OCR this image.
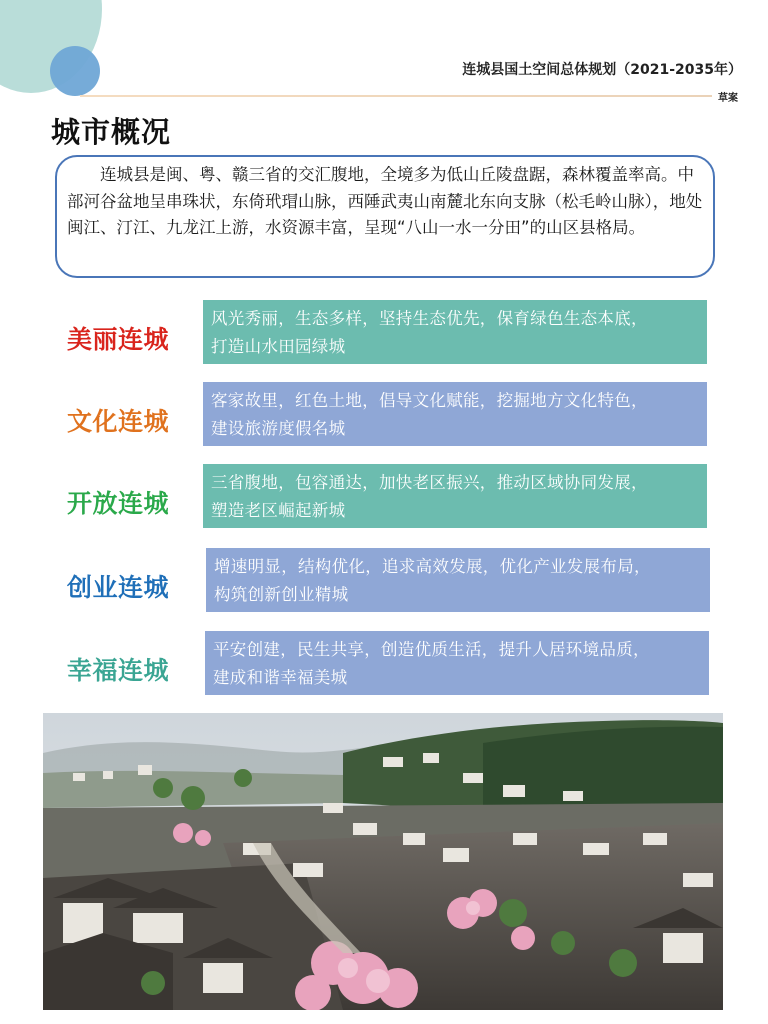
连城县国土空间总体规划（2021-2035年）
草案
城市概况
连城县是闽、粤、赣三省的交汇腹地，全境多为低山丘陵盘踞，森林覆盖率高。中部河谷盆地呈串珠状，东倚玳瑁山脉，西陲武夷山南麓北东向支脉（松毛岭山脉），地处闽江、汀江、九龙江上游，水资源丰富，呈现“八山一水一分田”的山区县格局。
美丽连城
风光秀丽，生态多样，坚持生态优先，保育绿色生态本底，
打造山水田园绿城
文化连城
客家故里，红色土地，倡导文化赋能，挖掘地方文化特色，
建设旅游度假名城
开放连城
三省腹地，包容通达，加快老区振兴，推动区域协同发展，
塑造老区崛起新城
创业连城
增速明显，结构优化，追求高效发展，优化产业发展布局，
构筑创新创业精城
幸福连城
平安创建，民生共享，创造优质生活，提升人居环境品质，
建成和谐幸福美城
